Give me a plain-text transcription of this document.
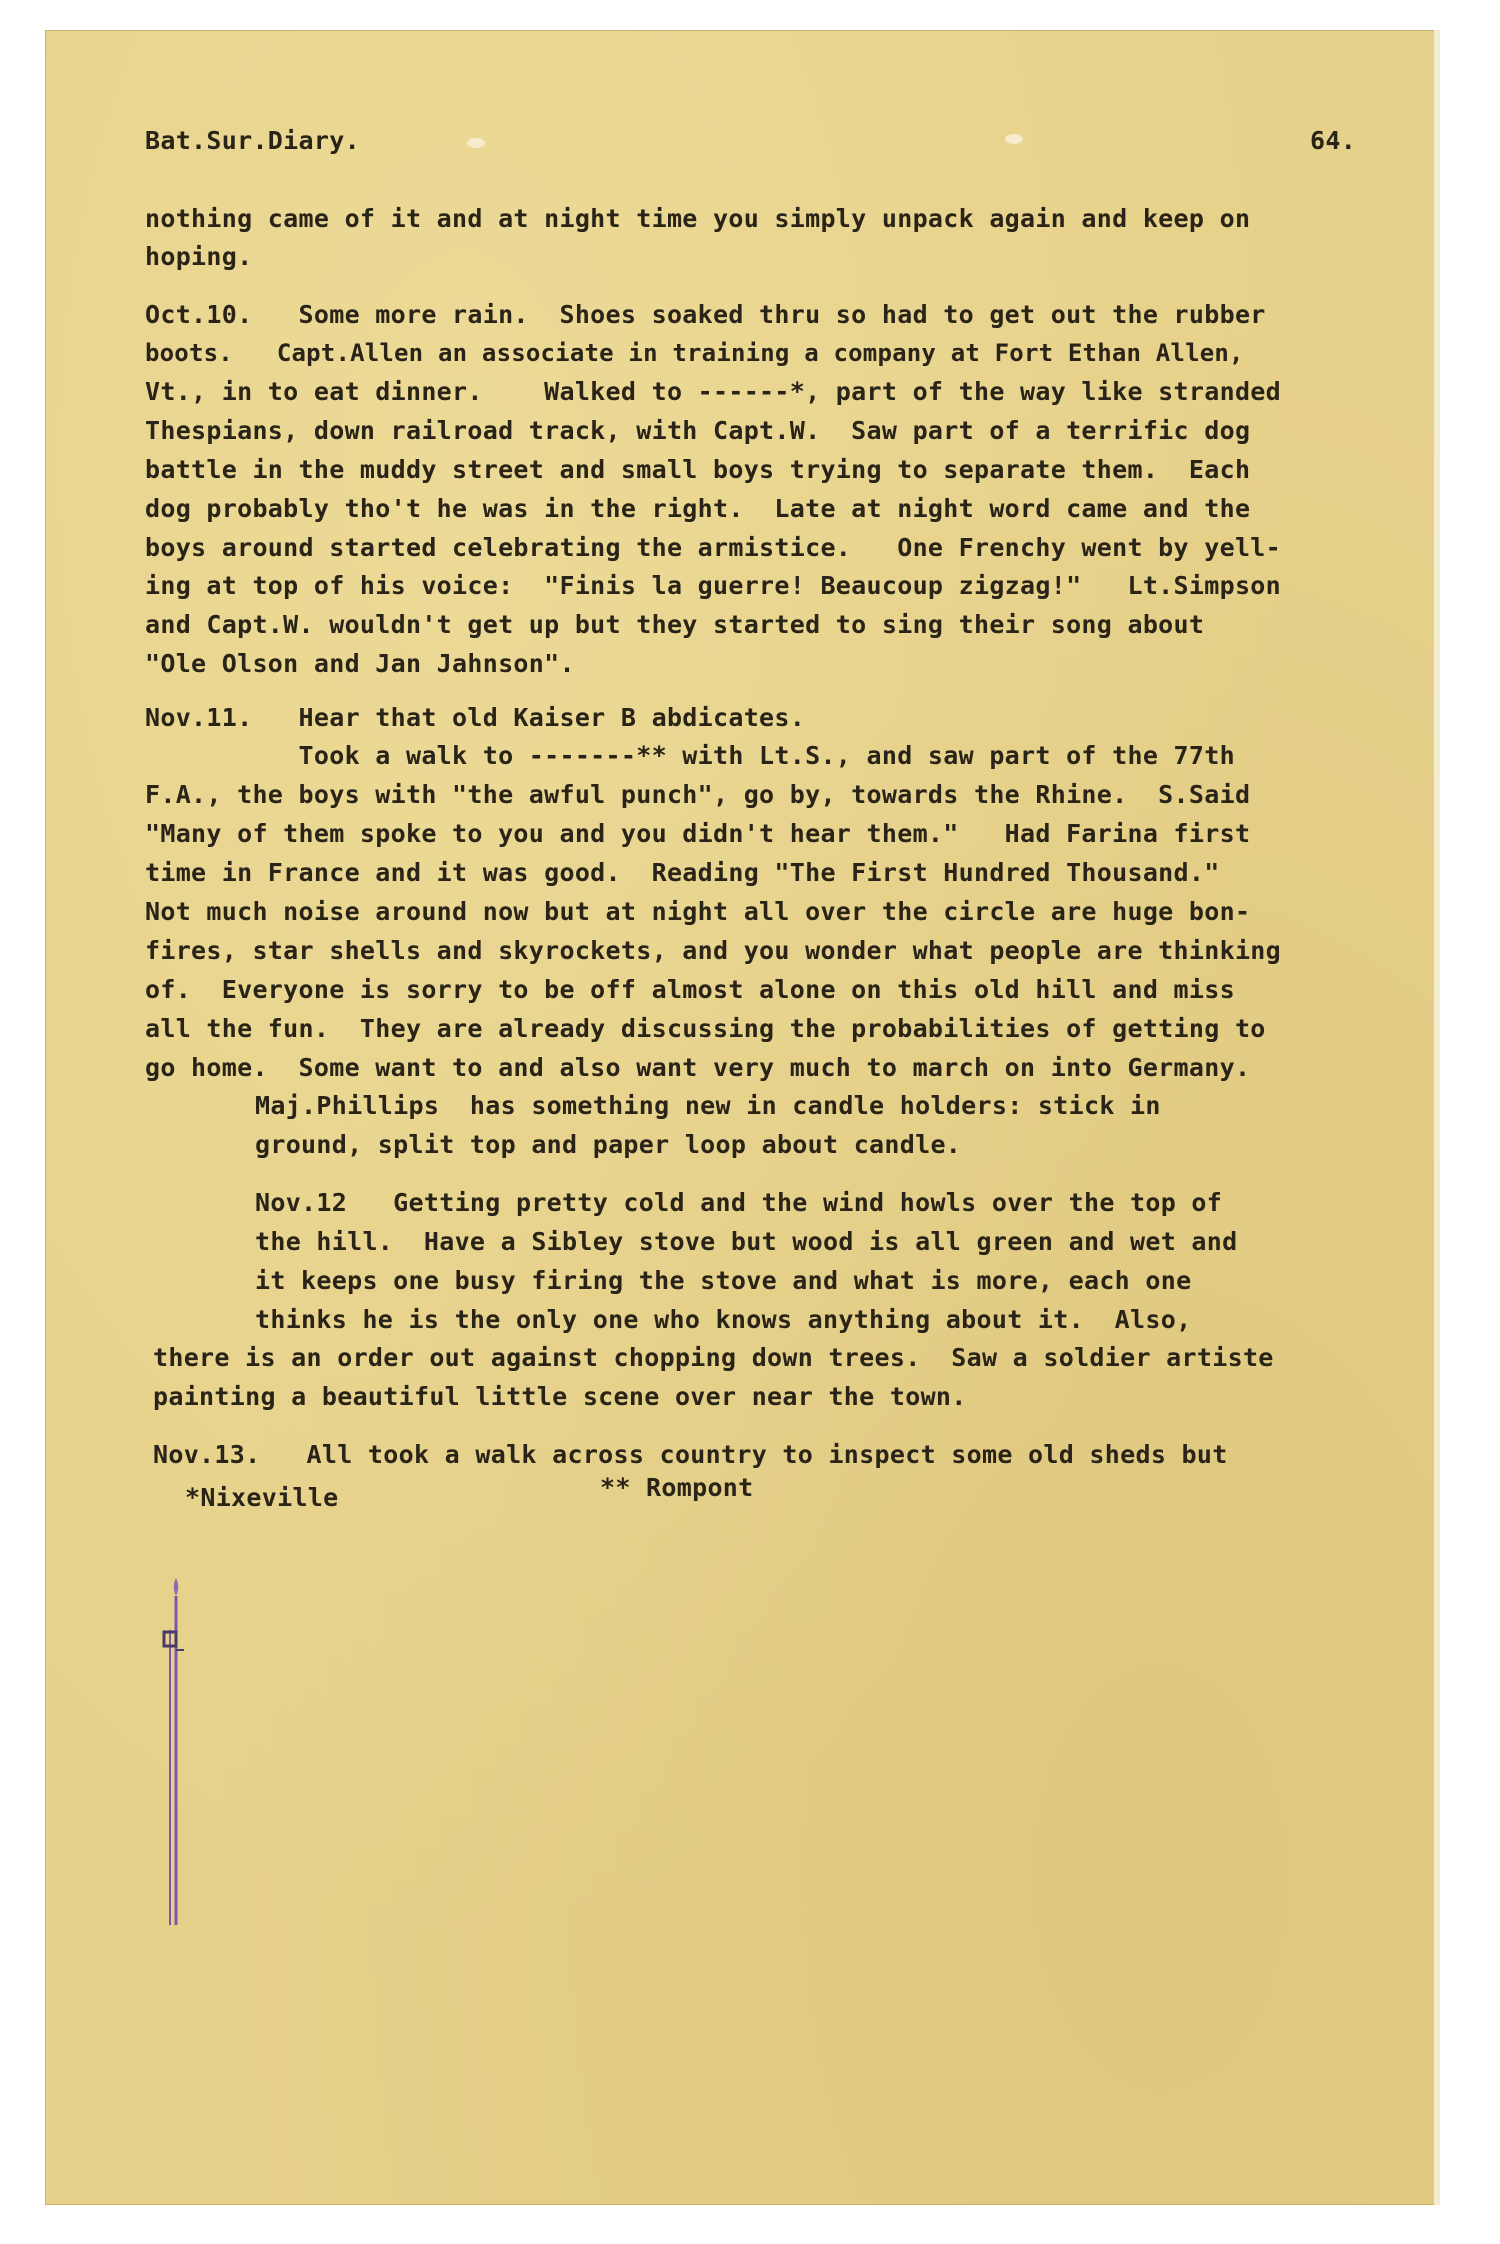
Bat.Sur.Diary.	64.
nothing came of it and at night time you simply unpack again and keep on
hoping.
Oct.10.   Some more rain.  Shoes soaked thru so had to get out the rubber
boots.   Capt.Allen an associate in training a company at Fort Ethan Allen,
Vt., in to eat dinner.    Walked to ------*, part of the way like stranded
Thespians, down railroad track, with Capt.W.  Saw part of a terrific dog
battle in the muddy street and small boys trying to separate them.  Each
dog probably tho't he was in the right.  Late at night word came and the
boys around started celebrating the armistice.   One Frenchy went by yell-
ing at top of his voice:  "Finis la guerre! Beaucoup zigzag!"   Lt.Simpson
and Capt.W. wouldn't get up but they started to sing their song about
"Ole Olson and Jan Jahnson".
Nov.11.   Hear that old Kaiser B abdicates.
Took a walk to -------** with Lt.S., and saw part of the 77th
F.A., the boys with "the awful punch", go by, towards the Rhine.  S.Said
"Many of them spoke to you and you didn't hear them."   Had Farina first
time in France and it was good.  Reading "The First Hundred Thousand."
Not much noise around now but at night all over the circle are huge bon-
fires, star shells and skyrockets, and you wonder what people are thinking
of.  Everyone is sorry to be off almost alone on this old hill and miss
all the fun.  They are already discussing the probabilities of getting to
go home.  Some want to and also want very much to march on into Germany.
Maj.Phillips  has something new in candle holders: stick in
ground, split top and paper loop about candle.
Nov.12   Getting pretty cold and the wind howls over the top of
the hill.  Have a Sibley stove but wood is all green and wet and
it keeps one busy firing the stove and what is more, each one
thinks he is the only one who knows anything about it.  Also,
there is an order out against chopping down trees.  Saw a soldier artiste
painting a beautiful little scene over near the town.
Nov.13.   All took a walk across country to inspect some old sheds but
*Nixeville	** Rompont
